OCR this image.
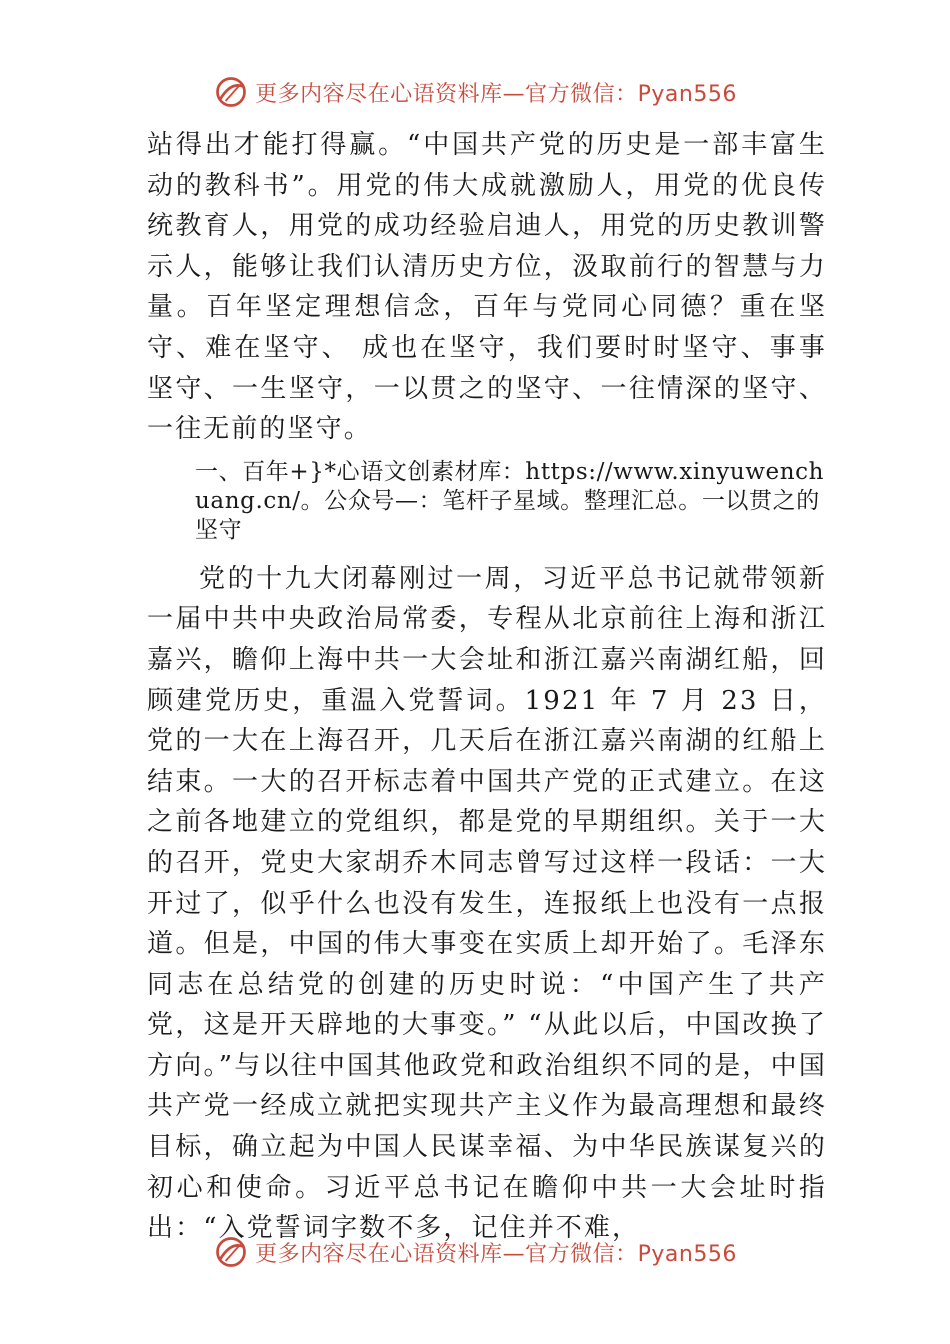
更多内容尽在心语资料库—官方微信：Pyan556

站得出才能打得赢。“中国共产党的历史是一部丰富生动的教科书”。用党的伟大成就激励人，用党的优良传统教育人，用党的成功经验启迪人，用党的历史教训警示人，能够让我们认清历史方位，汲取前行的智慧与力量。百年坚定理想信念，百年与党同心同德？重在坚守、难在坚守、 成也在坚守，我们要时时坚守、事事坚守、一生坚守，一以贯之的坚守、一往情深的坚守、一往无前的坚守。

一、百年+}*心语文创素材库：https://www.xinyuwenchuang.cn/。公众号—：笔杆子星域。整理汇总。一以贯之的坚守

党的十九大闭幕刚过一周，习近平总书记就带领新一届中共中央政治局常委，专程从北京前往上海和浙江嘉兴，瞻仰上海中共一大会址和浙江嘉兴南湖红船，回顾建党历史，重温入党誓词。1921 年 7 月 23 日，党的一大在上海召开，几天后在浙江嘉兴南湖的红船上结束。一大的召开标志着中国共产党的正式建立。在这之前各地建立的党组织，都是党的早期组织。关于一大的召开，党史大家胡乔木同志曾写过这样一段话：一大开过了，似乎什么也没有发生，连报纸上也没有一点报道。但是，中国的伟大事变在实质上却开始了。毛泽东同志在总结党的创建的历史时说：“中国产生了共产党，这是开天辟地的大事变。” “从此以后，中国改换了方向。”与以往中国其他政党和政治组织不同的是，中国共产党一经成立就把实现共产主义作为最高理想和最终目标，确立起为中国人民谋幸福、为中华民族谋复兴的初心和使命。习近平总书记在瞻仰中共一大会址时指出：“入党誓词字数不多，记住并不难，

更多内容尽在心语资料库—官方微信：Pyan556
